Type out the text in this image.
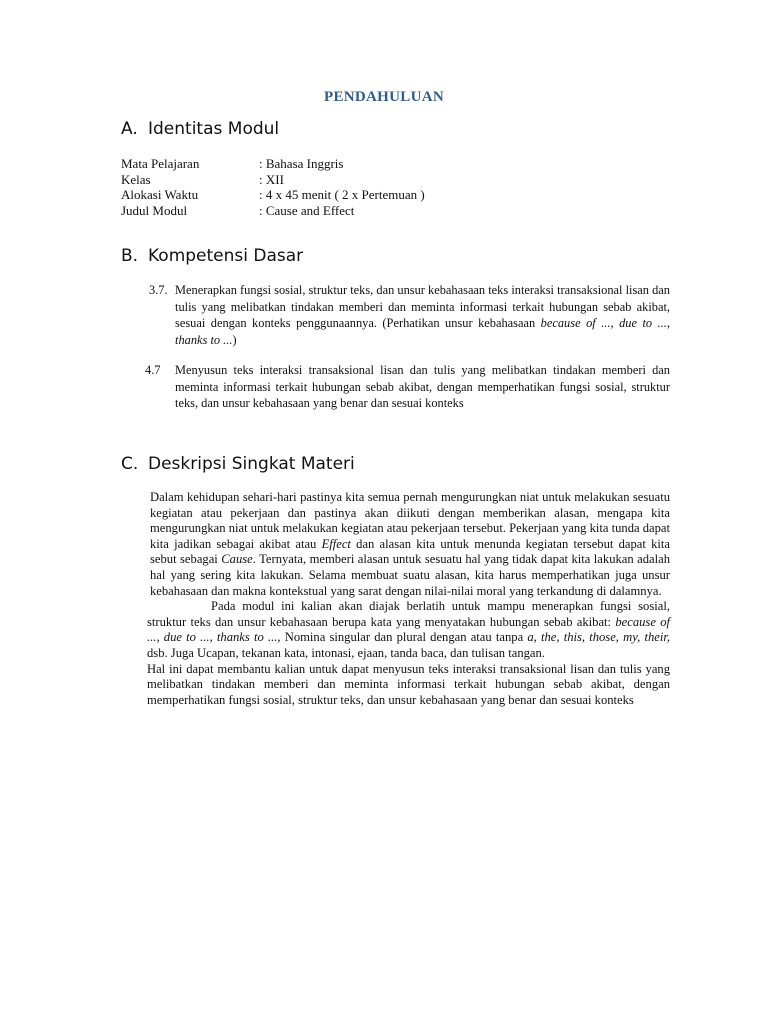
PENDAHULUAN
A. Identitas Modul
Mata Pelajaran	: Bahasa Inggris
Kelas	: XII
Alokasi Waktu	: 4 x 45 menit ( 2 x Pertemuan )
Judul Modul	: Cause and Effect
B. Kompetensi Dasar
3.7. Menerapkan fungsi sosial, struktur teks, dan unsur kebahasaan teks interaksi transaksional lisan dan tulis yang melibatkan tindakan memberi dan meminta informasi terkait hubungan sebab akibat, sesuai dengan konteks penggunaannya. (Perhatikan unsur kebahasaan because of ..., due to ..., thanks to ...)
4.7	Menyusun teks interaksi transaksional lisan dan tulis yang melibatkan tindakan memberi dan meminta informasi terkait hubungan sebab akibat, dengan memperhatikan fungsi sosial, struktur teks, dan unsur kebahasaan yang benar dan sesuai konteks
C. Deskripsi Singkat Materi

Dalam kehidupan sehari-hari pastinya kita semua pernah mengurungkan niat untuk melakukan sesuatu kegiatan atau pekerjaan dan pastinya akan diikuti dengan memberikan alasan, mengapa kita mengurungkan niat untuk melakukan kegiatan atau pekerjaan tersebut. Pekerjaan yang kita tunda dapat kita jadikan sebagai akibat atau Effect dan alasan kita untuk menunda kegiatan tersebut dapat kita sebut sebagai Cause. Ternyata, memberi alasan untuk sesuatu hal yang tidak dapat kita lakukan adalah hal yang sering kita lakukan. Selama membuat suatu alasan, kita harus memperhatikan juga unsur kebahasaan dan makna kontekstual yang sarat dengan nilai-nilai moral yang terkandung di dalamnya.

Pada modul ini kalian akan diajak berlatih untuk mampu menerapkan fungsi sosial, struktur teks dan unsur kebahasaan berupa kata yang menyatakan hubungan sebab akibat: because of ..., due to ..., thanks to ..., Nomina singular dan plural dengan atau tanpa a, the, this, those, my, their, dsb. Juga Ucapan, tekanan kata, intonasi, ejaan, tanda baca, dan tulisan tangan.

Hal ini dapat membantu kalian untuk dapat menyusun teks interaksi transaksional lisan dan tulis yang melibatkan tindakan memberi dan meminta informasi terkait hubungan sebab akibat, dengan memperhatikan fungsi sosial, struktur teks, dan unsur kebahasaan yang benar dan sesuai konteks
